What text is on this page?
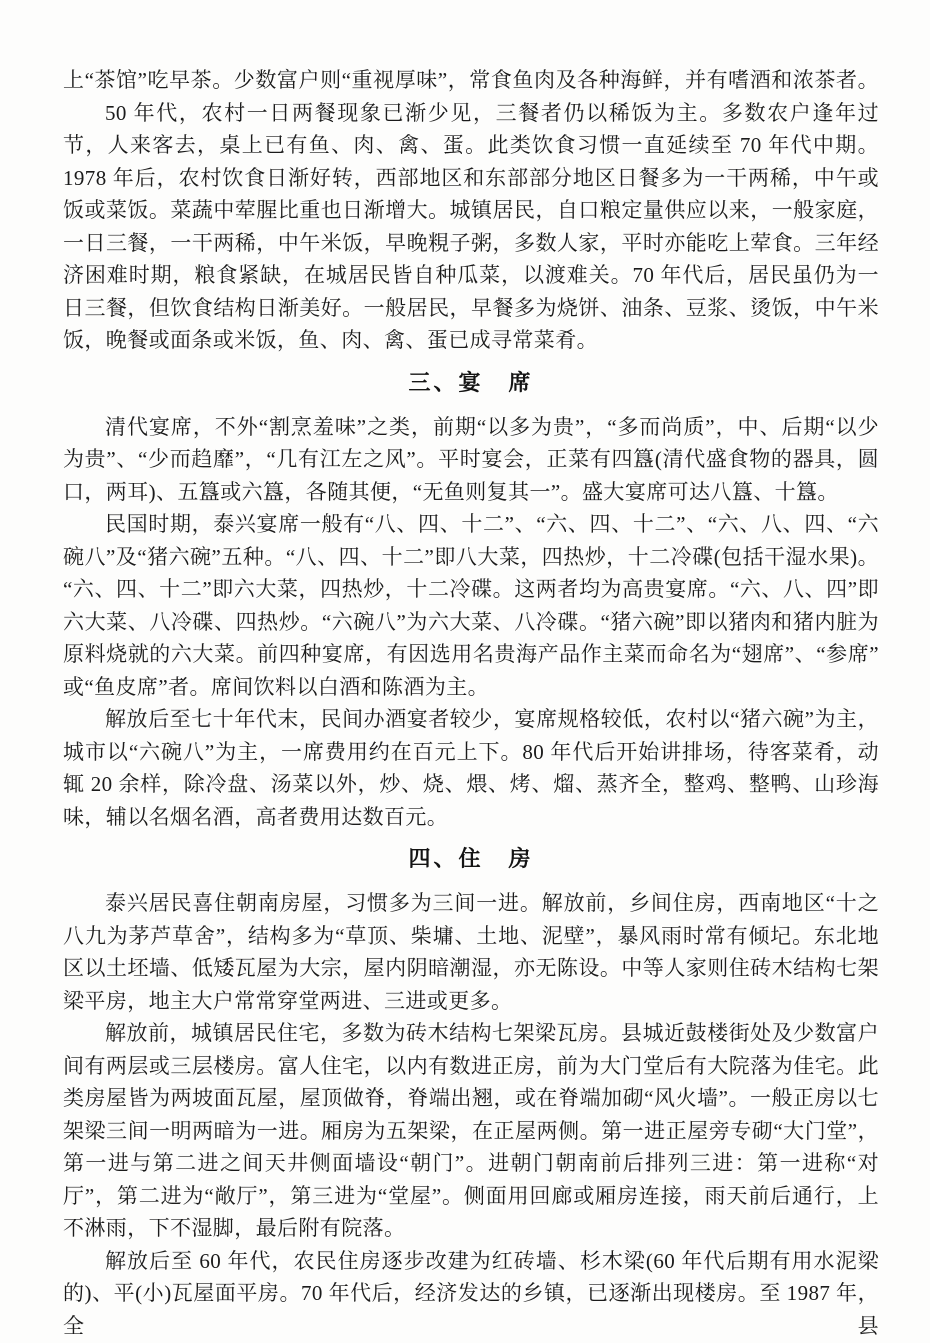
上“茶馆”吃早茶。少数富户则“重视厚味”，常食鱼肉及各种海鲜，并有嗜酒和浓茶者。

50 年代，农村一日两餐现象已渐少见，三餐者仍以稀饭为主。多数农户逢年过节，人来客去，桌上已有鱼、肉、禽、蛋。此类饮食习惯一直延续至 70 年代中期。1978 年后，农村饮食日渐好转，西部地区和东部部分地区日餐多为一干两稀，中午或饭或菜饭。菜蔬中荤腥比重也日渐增大。城镇居民，自口粮定量供应以来，一般家庭，一日三餐，一干两稀，中午米饭，早晚粯子粥，多数人家，平时亦能吃上荤食。三年经济困难时期，粮食紧缺，在城居民皆自种瓜菜，以渡难关。70 年代后，居民虽仍为一日三餐，但饮食结构日渐美好。一般居民，早餐多为烧饼、油条、豆浆、烫饭，中午米饭，晚餐或面条或米饭，鱼、肉、禽、蛋已成寻常菜肴。

三、宴　席

清代宴席，不外“割烹羞味”之类，前期“以多为贵”，“多而尚质”，中、后期“以少为贵”、“少而趋靡”，“几有江左之风”。平时宴会，正菜有四簋(清代盛食物的器具，圆口，两耳)、五簋或六簋，各随其便，“无鱼则复其一”。盛大宴席可达八簋、十簋。

民国时期，泰兴宴席一般有“八、四、十二”、“六、四、十二”、“六、八、四、“六碗八”及“猪六碗”五种。“八、四、十二”即八大菜，四热炒，十二冷碟(包括干湿水果)。“六、四、十二”即六大菜，四热炒，十二冷碟。这两者均为高贵宴席。“六、八、四”即六大菜、八冷碟、四热炒。“六碗八”为六大菜、八冷碟。“猪六碗”即以猪肉和猪内脏为原料烧就的六大菜。前四种宴席，有因选用名贵海产品作主菜而命名为“翅席”、“参席”或“鱼皮席”者。席间饮料以白酒和陈酒为主。

解放后至七十年代末，民间办酒宴者较少，宴席规格较低，农村以“猪六碗”为主，城市以“六碗八”为主，一席费用约在百元上下。80 年代后开始讲排场，待客菜肴，动辄 20 余样，除冷盘、汤菜以外，炒、烧、煨、烤、熘、蒸齐全，整鸡、整鸭、山珍海味，辅以名烟名酒，高者费用达数百元。

四、住　房

泰兴居民喜住朝南房屋，习惯多为三间一进。解放前，乡间住房，西南地区“十之八九为茅芦草舍”，结构多为“草顶、柴墉、土地、泥壁”，暴风雨时常有倾圮。东北地区以土坯墙、低矮瓦屋为大宗，屋内阴暗潮湿，亦无陈设。中等人家则住砖木结构七架梁平房，地主大户常常穿堂两进、三进或更多。

解放前，城镇居民住宅，多数为砖木结构七架梁瓦房。县城近鼓楼街处及少数富户间有两层或三层楼房。富人住宅，以内有数进正房，前为大门堂后有大院落为佳宅。此类房屋皆为两坡面瓦屋，屋顶做脊，脊端出翘，或在脊端加砌“风火墙”。一般正房以七架梁三间一明两暗为一进。厢房为五架梁，在正屋两侧。第一进正屋旁专砌“大门堂”，第一进与第二进之间天井侧面墙设“朝门”。进朝门朝南前后排列三进：第一进称“对厅”，第二进为“敞厅”，第三进为“堂屋”。侧面用回廊或厢房连接，雨天前后通行，上不淋雨，下不湿脚，最后附有院落。

解放后至 60 年代，农民住房逐步改建为红砖墙、杉木梁(60 年代后期有用水泥梁的)、平(小)瓦屋面平房。70 年代后，经济发达的乡镇，已逐渐出现楼房。至 1987 年，全县
